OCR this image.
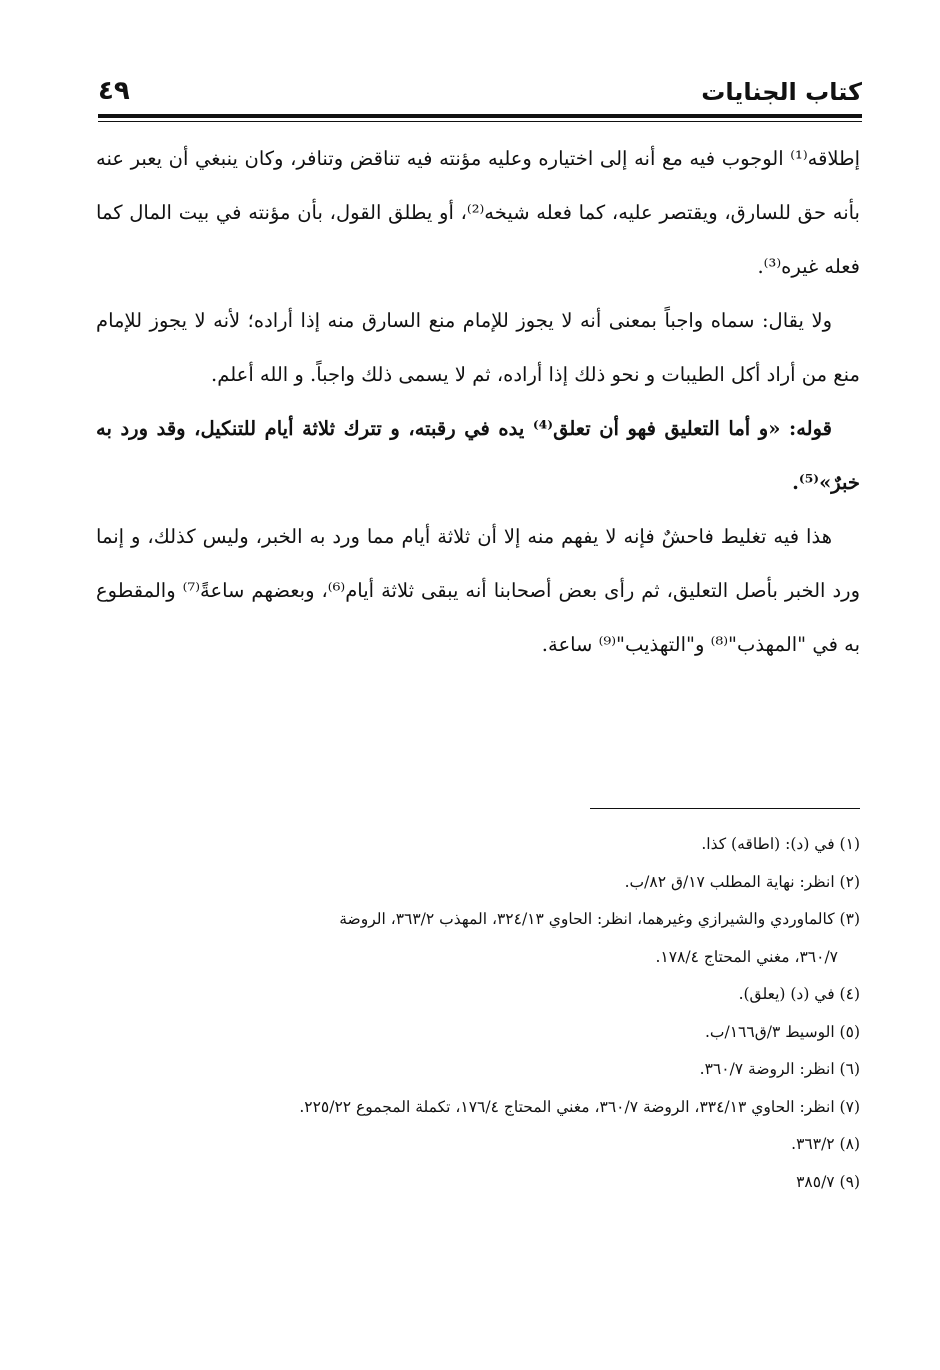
كتاب الجنايات
٤٩

إطلاقه⁽¹⁾ الوجوب فيه مع أنه إلى اختياره وعليه مؤنته فيه تناقض وتنافر، وكان ينبغي أن يعبر عنه بأنه حق للسارق، ويقتصر عليه، كما فعله شيخه⁽²⁾، أو يطلق القول، بأن مؤنته في بيت المال كما فعله غيره⁽³⁾.

ولا يقال: سماه واجباً بمعنى أنه لا يجوز للإمام منع السارق منه إذا أراده؛ لأنه لا يجوز للإمام منع من أراد أكل الطيبات و نحو ذلك إذا أراده، ثم لا يسمى ذلك واجباً. و الله أعلم.

قوله: «و أما التعليق فهو أن تعلق⁽⁴⁾ يده في رقبته، و تترك ثلاثة أيام للتنكيل، وقد ورد به خبرٌ»⁽⁵⁾.

هذا فيه تغليط فاحشٌ فإنه لا يفهم منه إلا أن ثلاثة أيام مما ورد به الخبر، وليس كذلك، و إنما ورد الخبر بأصل التعليق، ثم رأى بعض أصحابنا أنه يبقى ثلاثة أيام⁽⁶⁾، وبعضهم ساعةً⁽⁷⁾ والمقطوع به في "المهذب"⁽⁸⁾ و"التهذيب"⁽⁹⁾ ساعة.

(١) في (د): (اطاقه) كذا.

(٢) انظر: نهاية المطلب ١٧/ق ٨٢/ب.

(٣) كالماوردي والشيرازي وغيرهما، انظر: الحاوي ٣٢٤/١٣، المهذب ٣٦٣/٢، الروضة

٣٦٠/٧، مغني المحتاج ١٧٨/٤.

(٤) في (د) (يعلق).

(٥) الوسيط ٣/ق١٦٦/ب.

(٦) انظر: الروضة ٣٦٠/٧.

(٧) انظر: الحاوي ٣٣٤/١٣، الروضة ٣٦٠/٧، مغني المحتاج ١٧٦/٤، تكملة المجموع ٢٢٥/٢٢.

(٨) ٣٦٣/٢.

(٩) ٣٨٥/٧
